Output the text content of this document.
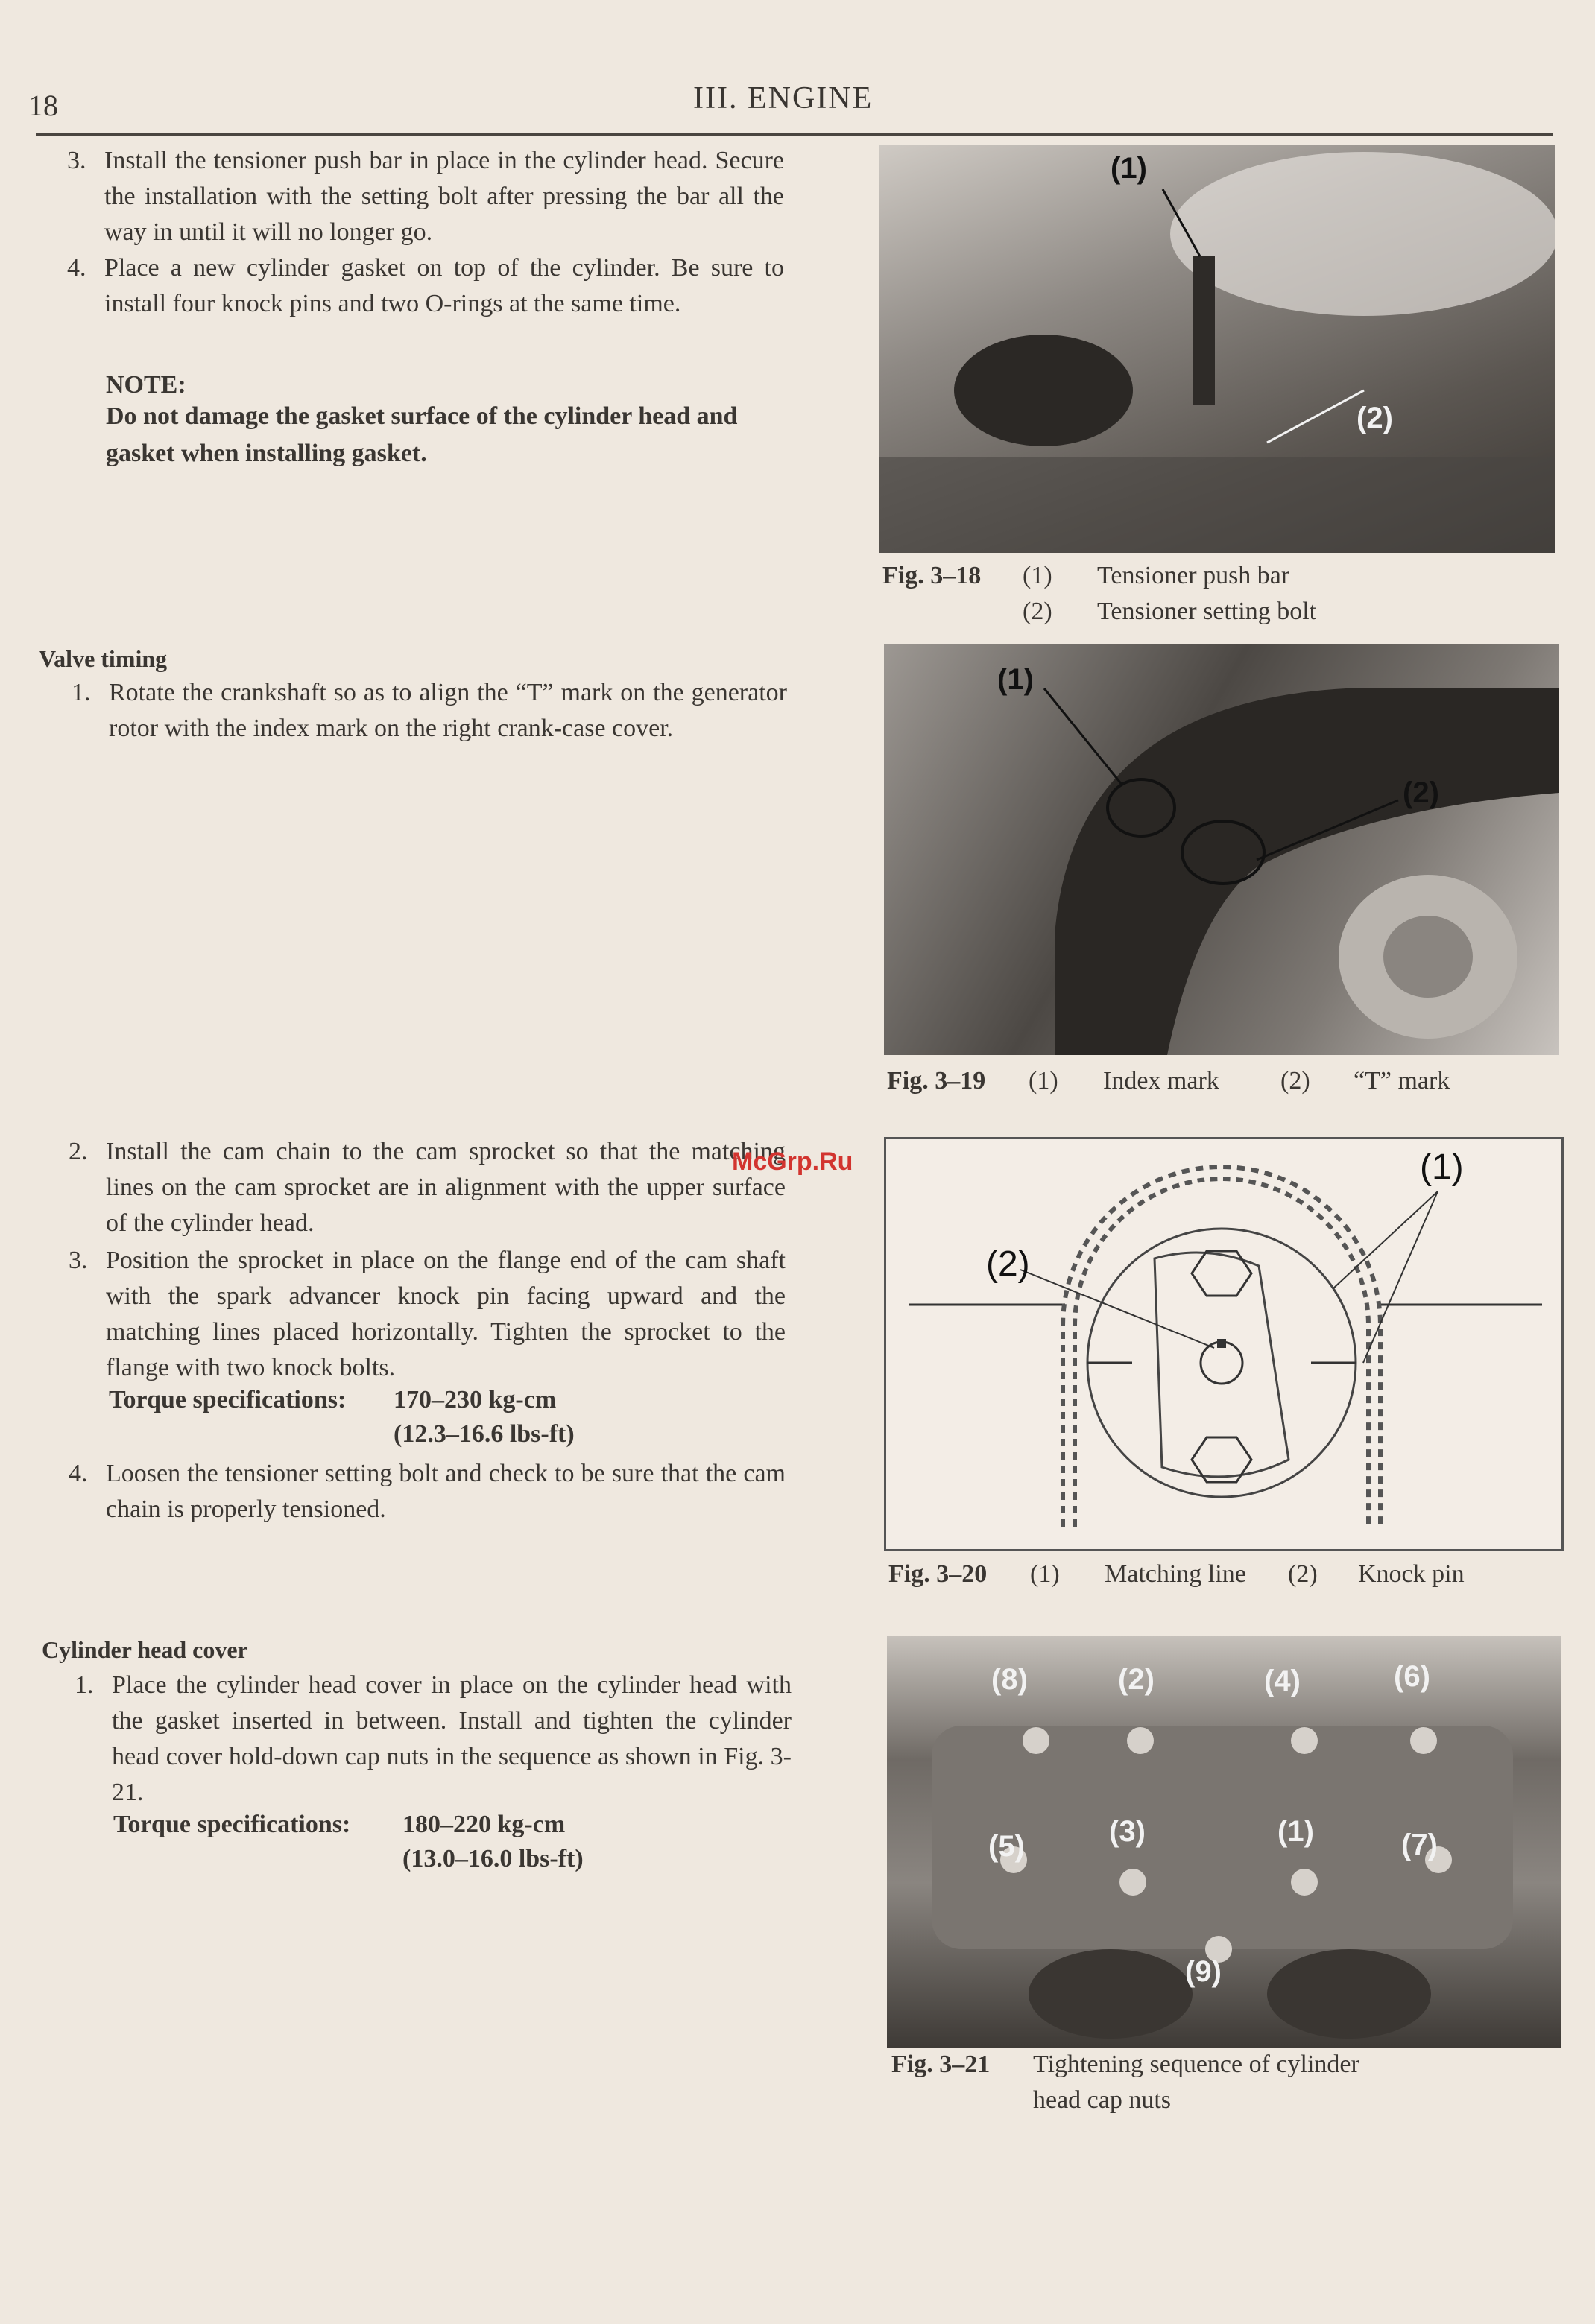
18	III. ENGINE
3. Install the tensioner push bar in place in the cylinder head. Secure the installation with the setting bolt after pressing the bar all the way in until it will no longer go.
4. Place a new cylinder gasket on top of the cylinder. Be sure to install four knock pins and two O-rings at the same time.
NOTE:
Do not damage the gasket surface of the cylinder head and gasket when installing gasket.
Valve timing
1. Rotate the crankshaft so as to align the “T” mark on the generator rotor with the index mark on the right crank-case cover.
2. Install the cam chain to the cam sprocket so that the matching lines on the cam sprocket are in alignment with the upper surface of the cylinder head.
3. Position the sprocket in place on the flange end of the cam shaft with the spark advancer knock pin facing upward and the matching lines placed horizontally. Tighten the sprocket to the flange with two knock bolts.
Torque specifications: 170–230 kg-cm
(12.3–16.6 lbs-ft)
4. Loosen the tensioner setting bolt and check to be sure that the cam chain is properly tensioned.
Cylinder head cover
1. Place the cylinder head cover in place on the cylinder head with the gasket inserted in between. Install and tighten the cylinder head cover hold-down cap nuts in the sequence as shown in Fig. 3-21.
Torque specifications: 180–220 kg-cm
(13.0–16.0 lbs-ft)
(1)
(2)
Fig. 3–18 (1) Tensioner push bar
(2) Tensioner setting bolt
(1)
(2)
Fig. 3–19 (1) Index mark (2) “T” mark
McGrp.Ru	(1)
(2)
Fig. 3–20 (1) Matching line (2) Knock pin
(8)	(2)	(4)	(6)
(5)	(3)	(1)	(7)
(9)
Fig. 3–21 Tightening sequence of cylinder
head cap nuts
